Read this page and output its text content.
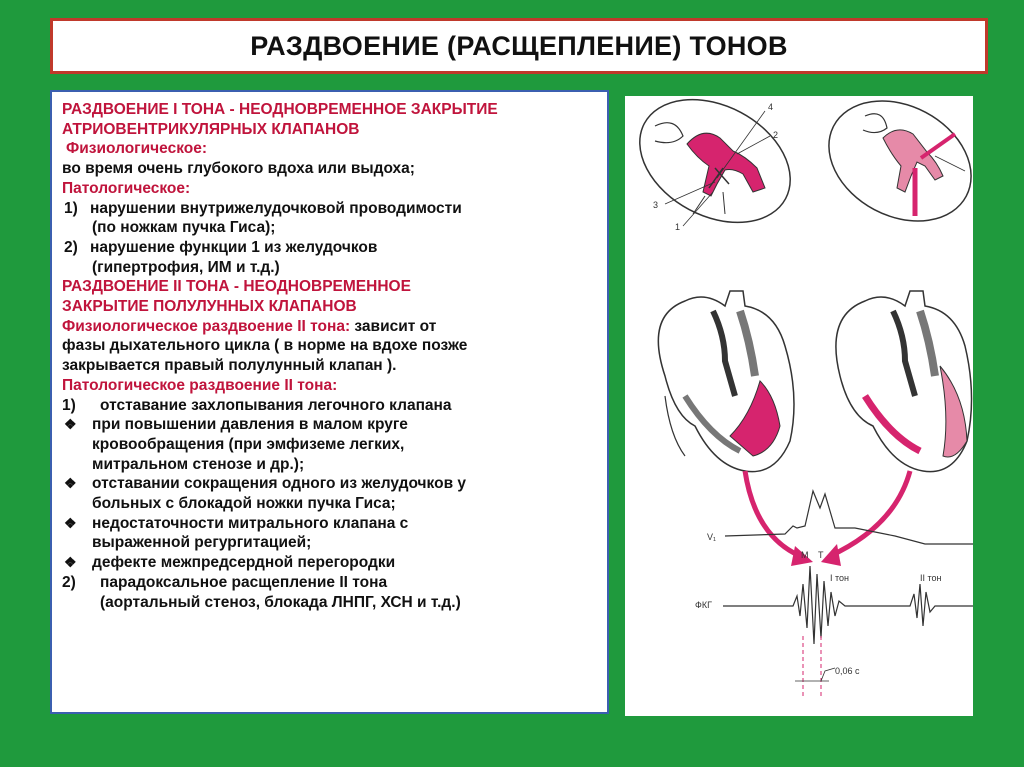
РАЗДВОЕНИЕ (РАСЩЕПЛЕНИЕ) ТОНОВ
РАЗДВОЕНИЕ I ТОНА - НЕОДНОВРЕМЕННОЕ ЗАКРЫТИЕ
АТРИОВЕНТРИКУЛЯРНЫХ КЛАПАНОВ
Физиологическое:
во время очень глубокого вдоха или выдоха;
Патологическое:
1) нарушении внутрижелудочковой проводимости
(по ножкам пучка Гиса);
2) нарушение функции 1 из желудочков
(гипертрофия, ИМ и т.д.)
РАЗДВОЕНИЕ II ТОНА - НЕОДНОВРЕМЕННОЕ
ЗАКРЫТИЕ ПОЛУЛУННЫХ КЛАПАНОВ
Физиологическое раздвоение II тона: зависит от
фазы дыхательного цикла ( в норме на вдохе позже
закрывается правый полулунный клапан ).
Патологическое раздвоение II тона:
1) отставание захлопывания легочного клапана
❖ при повышении давления в малом круге
кровообращения (при эмфиземе легких,
митральном стенозе и др.);
❖ отставании сокращения одного из желудочков у
больных с блокадой ножки пучка Гиса;
❖ недостаточности митрального клапана с
выраженной регургитацией;
❖ дефекте межпредсердной перегородки
2) парадоксальное расщепление II тона
(аортальный стеноз, блокада ЛНПГ, ХСН и т.д.)
4
2
3
1
V₁
М Т
I тон	II тон
ФКГ
0,06 с
